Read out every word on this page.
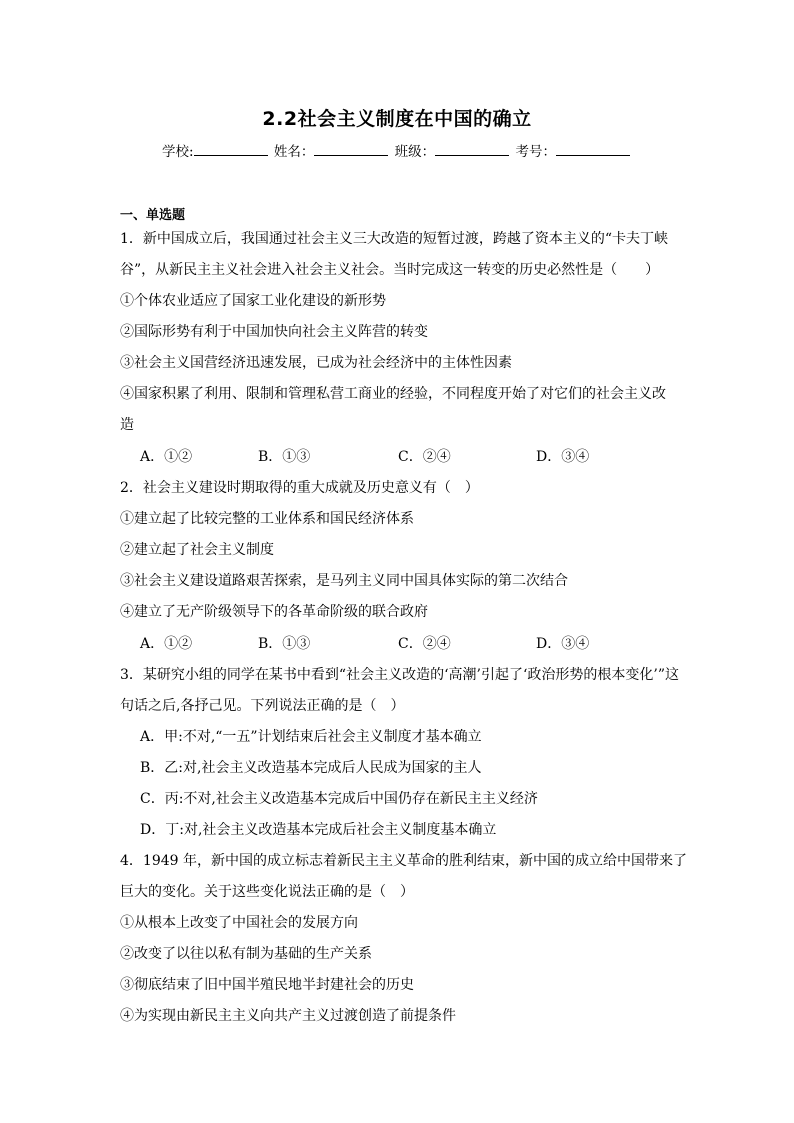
2.2社会主义制度在中国的确立
学校:	姓名：	班级：	考号：
一、单选题
1．新中国成立后，我国通过社会主义三大改造的短暂过渡，跨越了资本主义的“卡夫丁峡
谷”，从新民主主义社会进入社会主义社会。当时完成这一转变的历史必然性是（　　）
①个体农业适应了国家工业化建设的新形势
②国际形势有利于中国加快向社会主义阵营的转变
③社会主义国营经济迅速发展，已成为社会经济中的主体性因素
④国家积累了利用、限制和管理私营工商业的经验，不同程度开始了对它们的社会主义改
造
A．①②	B．①③	C．②④	D．③④
2．社会主义建设时期取得的重大成就及历史意义有（　）
①建立起了比较完整的工业体系和国民经济体系
②建立起了社会主义制度
③社会主义建设道路艰苦探索，是马列主义同中国具体实际的第二次结合
④建立了无产阶级领导下的各革命阶级的联合政府
A．①②	B．①③	C．②④	D．③④
3．某研究小组的同学在某书中看到“社会主义改造的‘高潮’引起了‘政治形势的根本变化’”这
句话之后,各抒己见。下列说法正确的是（　）
A．甲:不对,“一五”计划结束后社会主义制度才基本确立
B．乙:对,社会主义改造基本完成后人民成为国家的主人
C．丙:不对,社会主义改造基本完成后中国仍存在新民主主义经济
D．丁:对,社会主义改造基本完成后社会主义制度基本确立
4．1949 年，新中国的成立标志着新民主主义革命的胜利结束，新中国的成立给中国带来了
巨大的变化。关于这些变化说法正确的是（　）
①从根本上改变了中国社会的发展方向
②改变了以往以私有制为基础的生产关系
③彻底结束了旧中国半殖民地半封建社会的历史
④为实现由新民主主义向共产主义过渡创造了前提条件
